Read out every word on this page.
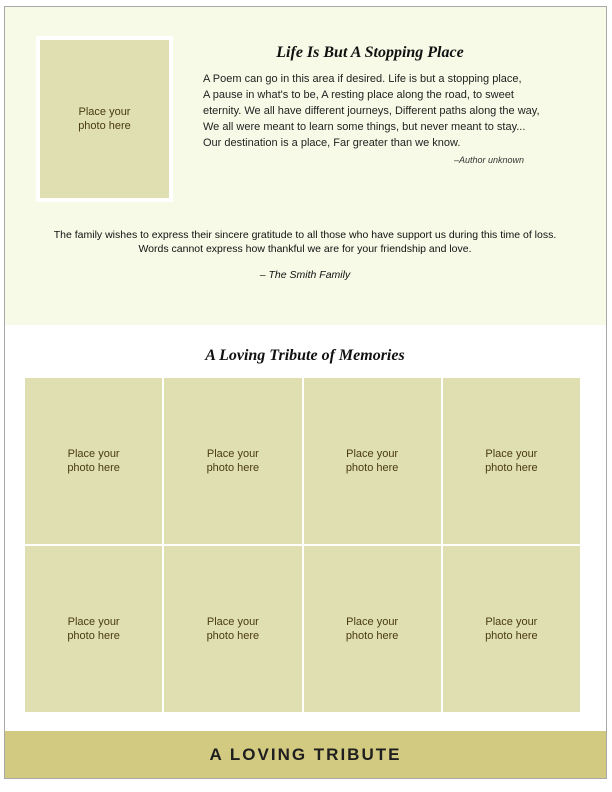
Place your
photo here
Life Is But A Stopping Place

A Poem can go in this area if desired. Life is but a stopping place,
A pause in what's to be, A resting place along the road, to sweet
eternity. We all have different journeys, Different paths along the way,
We all were meant to learn some things, but never meant to stay...
Our destination is a place, Far greater than we know.

–Author unknown

The family wishes to express their sincere gratitude to all those who have support us during this time of loss. Words cannot express how thankful we are for your friendship and love.

– The Smith Family
A Loving Tribute of Memories
Place your
photo here
Place your
photo here
Place your
photo here
Place your
photo here
Place your
photo here
Place your
photo here
Place your
photo here
Place your
photo here
A LOVING TRIBUTE
